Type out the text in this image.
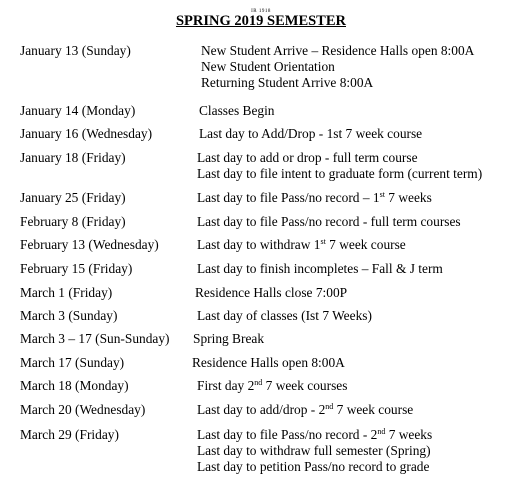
IR 1918
SPRING 2019 SEMESTER
January 13 (Sunday)	New Student Arrive – Residence Halls open 8:00A
New Student Orientation
Returning Student Arrive 8:00A
January 14 (Monday)	Classes Begin
January 16 (Wednesday)	Last day to Add/Drop - 1st 7 week course
January 18 (Friday)	Last day to add or drop - full term course
Last day to file intent to graduate form (current term)
January 25 (Friday)	Last day to file Pass/no record – 1st 7 weeks
February 8 (Friday)	Last day to file Pass/no record - full term courses
February 13 (Wednesday)	Last day to withdraw 1st 7 week course
February 15 (Friday)	Last day to finish incompletes – Fall & J term
March 1 (Friday)	Residence Halls close 7:00P
March 3 (Sunday)	Last day of classes (Ist 7 Weeks)
March 3 – 17 (Sun-Sunday) Spring Break
March 17 (Sunday)	Residence Halls open 8:00A
March 18 (Monday)	First day 2nd 7 week courses
March 20 (Wednesday)	Last day to add/drop - 2nd 7 week course
March 29 (Friday)	Last day to file Pass/no record - 2nd 7 weeks
Last day to withdraw full semester (Spring)
Last day to petition Pass/no record to grade
